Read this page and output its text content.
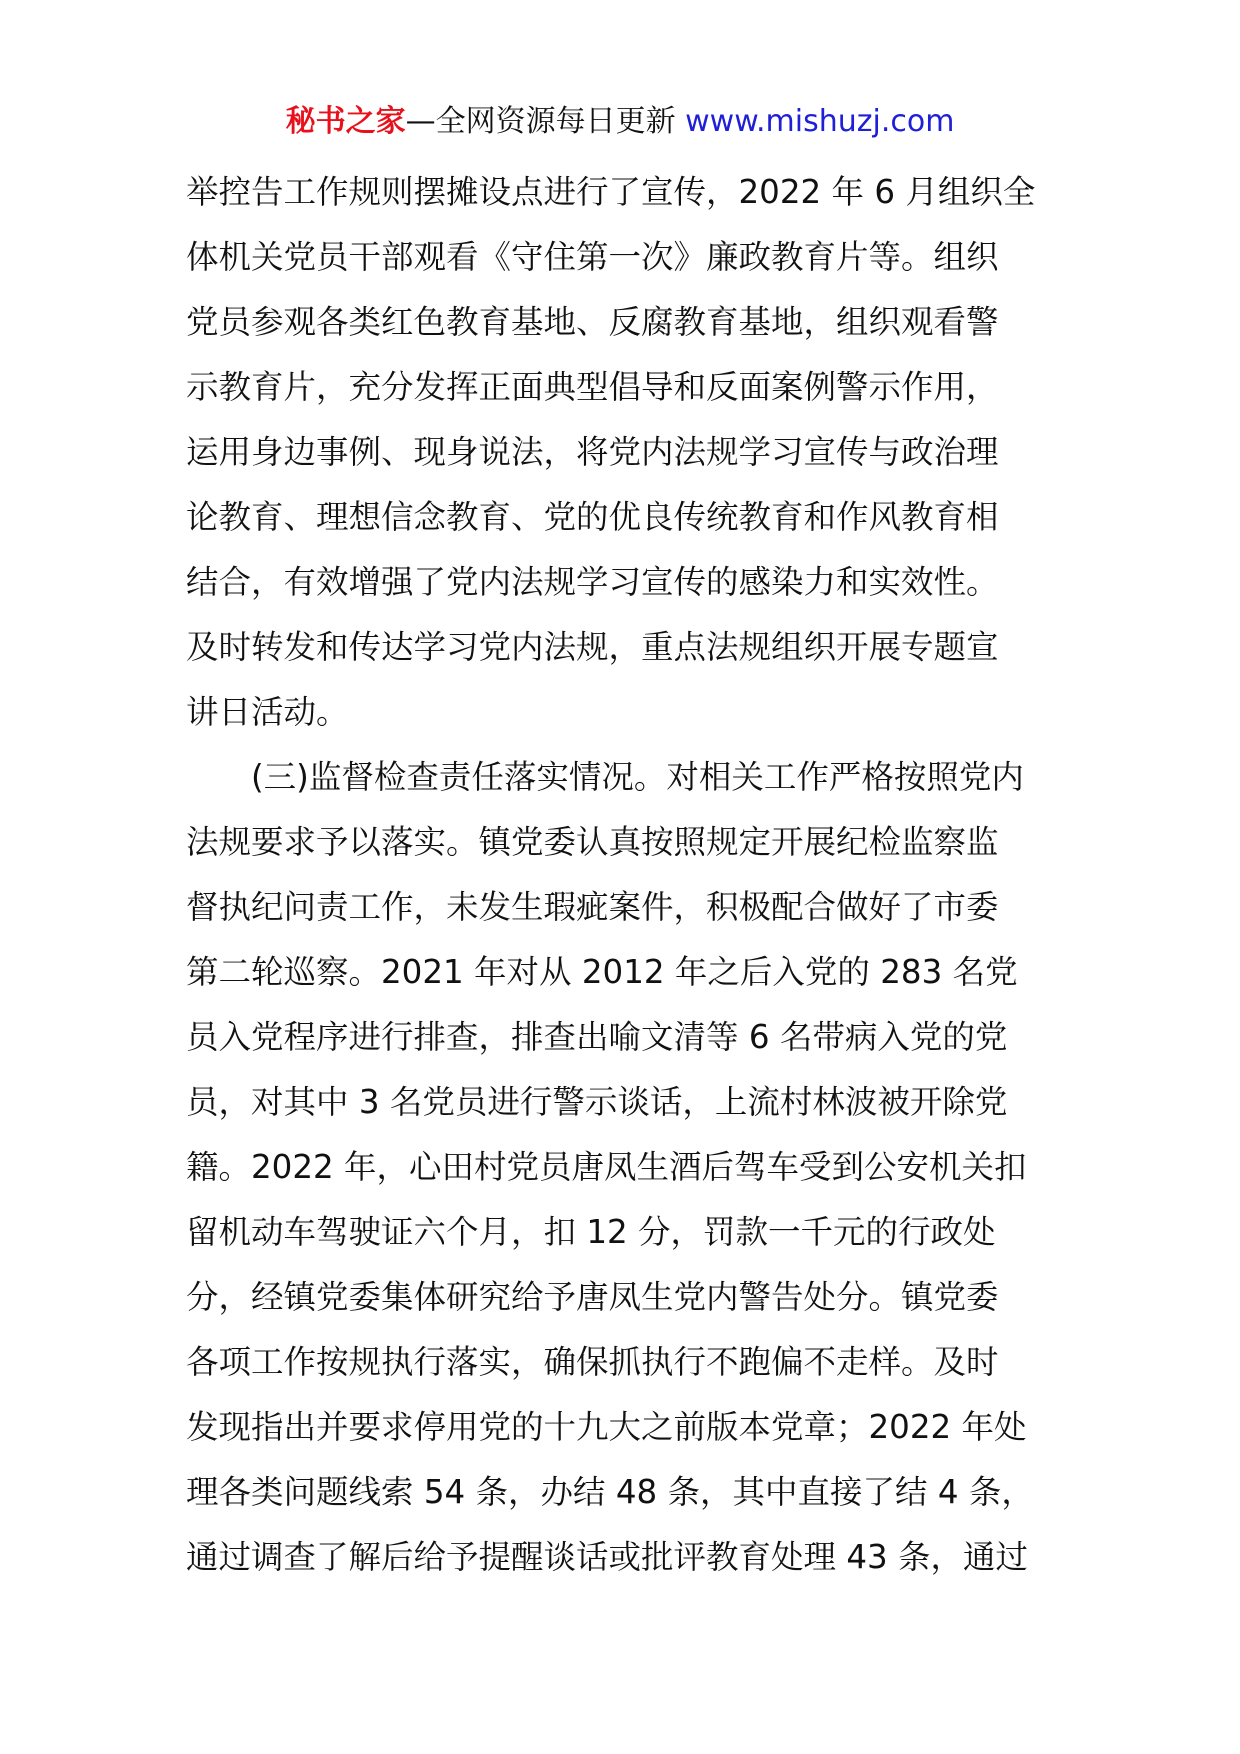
秘书之家—全网资源每日更新 www.mishuzj.com
举控告工作规则摆摊设点进行了宣传，2022 年 6 月组织全
体机关党员干部观看《守住第一次》廉政教育片等。组织
党员参观各类红色教育基地、反腐教育基地，组织观看警
示教育片，充分发挥正面典型倡导和反面案例警示作用，
运用身边事例、现身说法，将党内法规学习宣传与政治理
论教育、理想信念教育、党的优良传统教育和作风教育相
结合，有效增强了党内法规学习宣传的感染力和实效性。
及时转发和传达学习党内法规，重点法规组织开展专题宣
讲日活动。
(三)监督检查责任落实情况。对相关工作严格按照党内
法规要求予以落实。镇党委认真按照规定开展纪检监察监
督执纪问责工作，未发生瑕疵案件，积极配合做好了市委
第二轮巡察。2021 年对从 2012 年之后入党的 283 名党
员入党程序进行排查，排查出喻文清等 6 名带病入党的党
员，对其中 3 名党员进行警示谈话，上流村林波被开除党
籍。2022 年，心田村党员唐凤生酒后驾车受到公安机关扣
留机动车驾驶证六个月，扣 12 分，罚款一千元的行政处
分，经镇党委集体研究给予唐凤生党内警告处分。镇党委
各项工作按规执行落实，确保抓执行不跑偏不走样。及时
发现指出并要求停用党的十九大之前版本党章；2022 年处
理各类问题线索 54 条，办结 48 条，其中直接了结 4 条，
通过调查了解后给予提醒谈话或批评教育处理 43 条，通过
